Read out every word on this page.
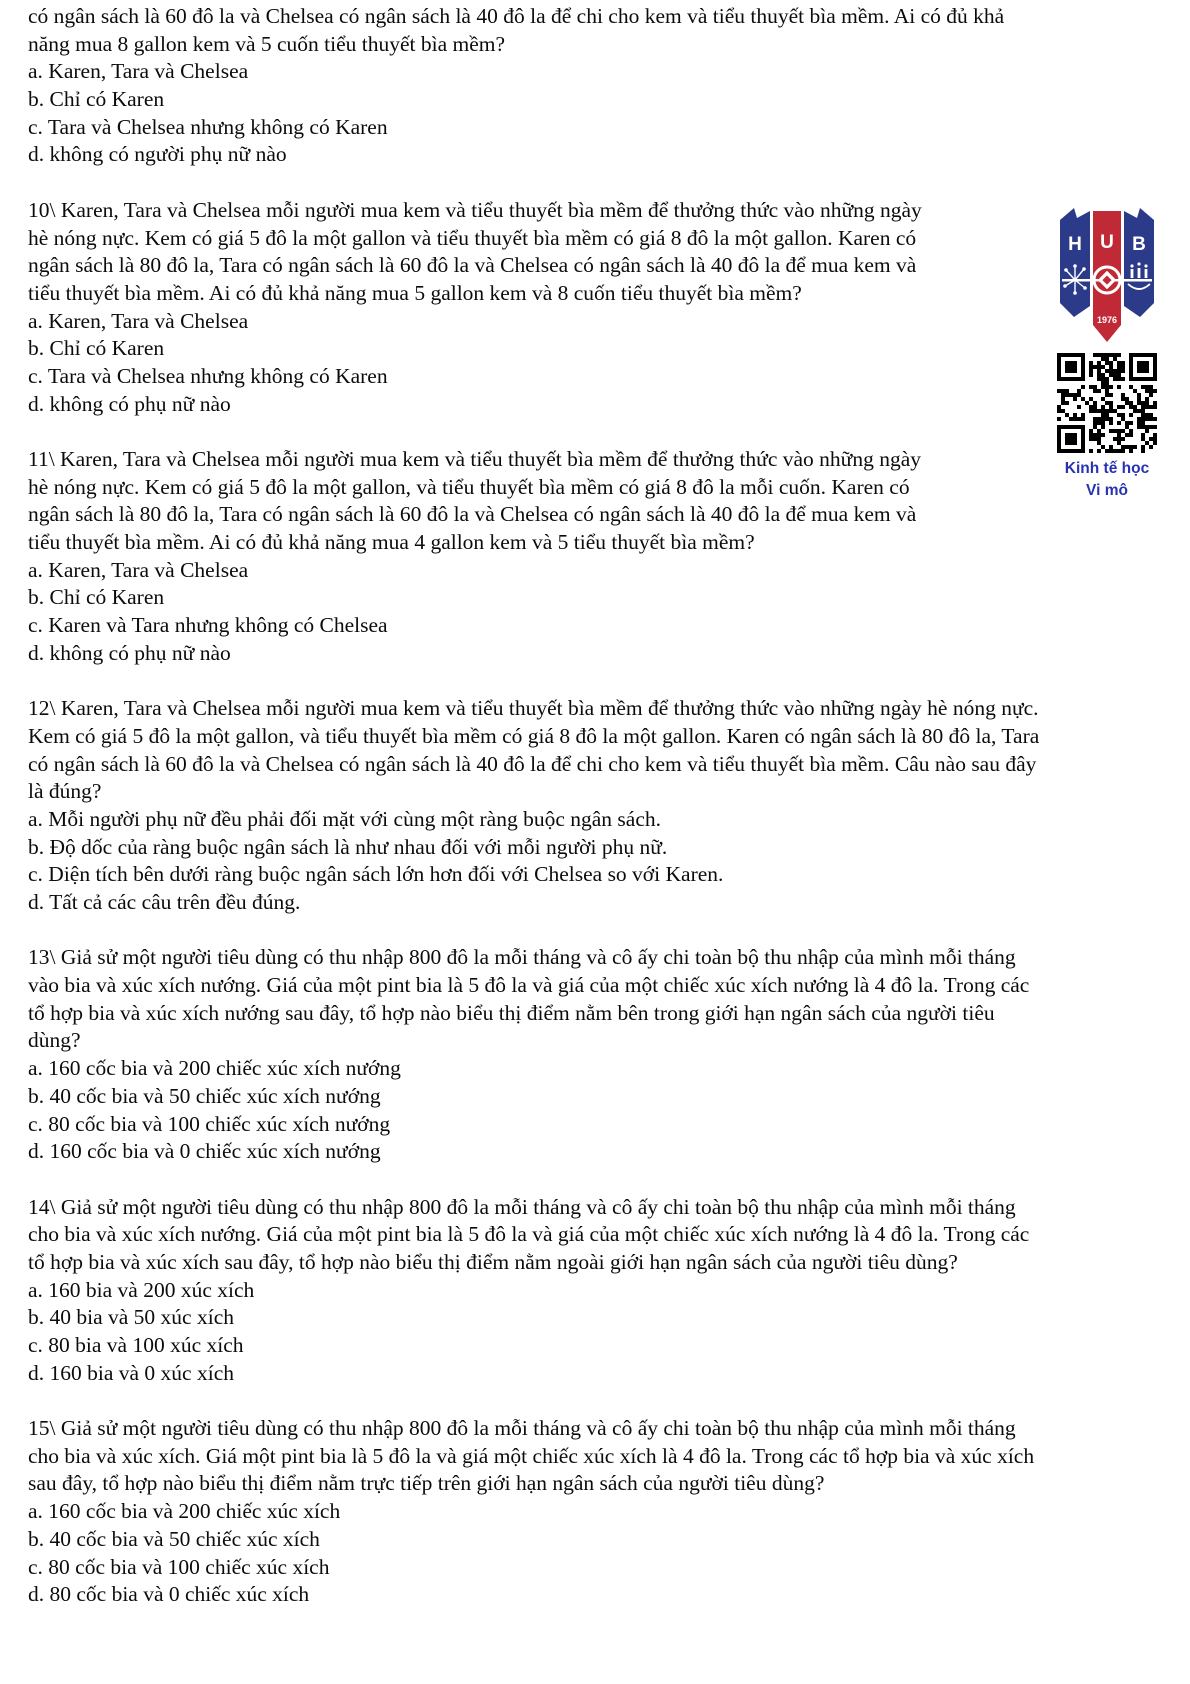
có ngân sách là 60 đô la và Chelsea có ngân sách là 40 đô la để chi cho kem và tiểu thuyết bìa mềm. Ai có đủ khả
năng mua 8 gallon kem và 5 cuốn tiểu thuyết bìa mềm?
a. Karen, Tara và Chelsea
b. Chỉ có Karen
c. Tara và Chelsea nhưng không có Karen
d. không có người phụ nữ nào
10\ Karen, Tara và Chelsea mỗi người mua kem và tiểu thuyết bìa mềm để thưởng thức vào những ngày
hè nóng nực. Kem có giá 5 đô la một gallon và tiểu thuyết bìa mềm có giá 8 đô la một gallon. Karen có
ngân sách là 80 đô la, Tara có ngân sách là 60 đô la và Chelsea có ngân sách là 40 đô la để mua kem và
tiểu thuyết bìa mềm. Ai có đủ khả năng mua 5 gallon kem và 8 cuốn tiểu thuyết bìa mềm?
a. Karen, Tara và Chelsea
b. Chỉ có Karen
c. Tara và Chelsea nhưng không có Karen
d. không có phụ nữ nào
11\ Karen, Tara và Chelsea mỗi người mua kem và tiểu thuyết bìa mềm để thưởng thức vào những ngày
hè nóng nực. Kem có giá 5 đô la một gallon, và tiểu thuyết bìa mềm có giá 8 đô la mỗi cuốn. Karen có
ngân sách là 80 đô la, Tara có ngân sách là 60 đô la và Chelsea có ngân sách là 40 đô la để mua kem và
tiểu thuyết bìa mềm. Ai có đủ khả năng mua 4 gallon kem và 5 tiểu thuyết bìa mềm?
a. Karen, Tara và Chelsea
b. Chỉ có Karen
c. Karen và Tara nhưng không có Chelsea
d. không có phụ nữ nào
12\ Karen, Tara và Chelsea mỗi người mua kem và tiểu thuyết bìa mềm để thưởng thức vào những ngày hè nóng nực.
Kem có giá 5 đô la một gallon, và tiểu thuyết bìa mềm có giá 8 đô la một gallon. Karen có ngân sách là 80 đô la, Tara
có ngân sách là 60 đô la và Chelsea có ngân sách là 40 đô la để chi cho kem và tiểu thuyết bìa mềm. Câu nào sau đây
là đúng?
a. Mỗi người phụ nữ đều phải đối mặt với cùng một ràng buộc ngân sách.
b. Độ dốc của ràng buộc ngân sách là như nhau đối với mỗi người phụ nữ.
c. Diện tích bên dưới ràng buộc ngân sách lớn hơn đối với Chelsea so với Karen.
d. Tất cả các câu trên đều đúng.
13\ Giả sử một người tiêu dùng có thu nhập 800 đô la mỗi tháng và cô ấy chi toàn bộ thu nhập của mình mỗi tháng
vào bia và xúc xích nướng. Giá của một pint bia là 5 đô la và giá của một chiếc xúc xích nướng là 4 đô la. Trong các
tổ hợp bia và xúc xích nướng sau đây, tổ hợp nào biểu thị điểm nằm bên trong giới hạn ngân sách của người tiêu
dùng?
a. 160 cốc bia và 200 chiếc xúc xích nướng
b. 40 cốc bia và 50 chiếc xúc xích nướng
c. 80 cốc bia và 100 chiếc xúc xích nướng
d. 160 cốc bia và 0 chiếc xúc xích nướng
14\ Giả sử một người tiêu dùng có thu nhập 800 đô la mỗi tháng và cô ấy chi toàn bộ thu nhập của mình mỗi tháng
cho bia và xúc xích nướng. Giá của một pint bia là 5 đô la và giá của một chiếc xúc xích nướng là 4 đô la. Trong các
tổ hợp bia và xúc xích sau đây, tổ hợp nào biểu thị điểm nằm ngoài giới hạn ngân sách của người tiêu dùng?
a. 160 bia và 200 xúc xích
b. 40 bia và 50 xúc xích
c. 80 bia và 100 xúc xích
d. 160 bia và 0 xúc xích
15\ Giả sử một người tiêu dùng có thu nhập 800 đô la mỗi tháng và cô ấy chi toàn bộ thu nhập của mình mỗi tháng
cho bia và xúc xích. Giá một pint bia là 5 đô la và giá một chiếc xúc xích là 4 đô la. Trong các tổ hợp bia và xúc xích
sau đây, tổ hợp nào biểu thị điểm nằm trực tiếp trên giới hạn ngân sách của người tiêu dùng?
a. 160 cốc bia và 200 chiếc xúc xích
b. 40 cốc bia và 50 chiếc xúc xích
c. 80 cốc bia và 100 chiếc xúc xích
d. 80 cốc bia và 0 chiếc xúc xích
H U B
1976
Kinh tế học
Vi mô
